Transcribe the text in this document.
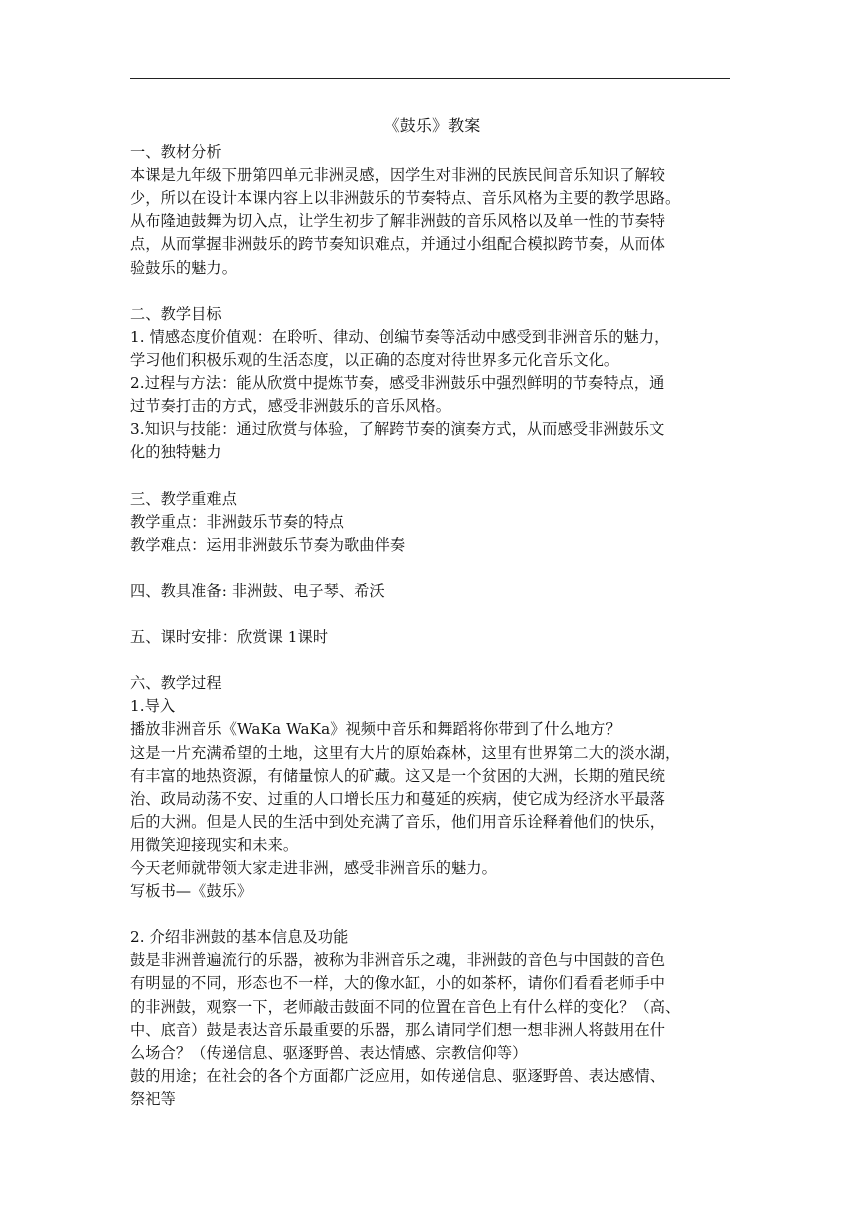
《鼓乐》教案
一、教材分析
本课是九年级下册第四单元非洲灵感，因学生对非洲的民族民间音乐知识了解较
少，所以在设计本课内容上以非洲鼓乐的节奏特点、音乐风格为主要的教学思路。
从布隆迪鼓舞为切入点，让学生初步了解非洲鼓的音乐风格以及单一性的节奏特
点，从而掌握非洲鼓乐的跨节奏知识难点，并通过小组配合模拟跨节奏，从而体
验鼓乐的魅力。
二、教学目标
1. 情感态度价值观：在聆听、律动、创编节奏等活动中感受到非洲音乐的魅力，
学习他们积极乐观的生活态度，以正确的态度对待世界多元化音乐文化。
2.过程与方法：能从欣赏中提炼节奏，感受非洲鼓乐中强烈鲜明的节奏特点，通
过节奏打击的方式，感受非洲鼓乐的音乐风格。
3.知识与技能：通过欣赏与体验，了解跨节奏的演奏方式，从而感受非洲鼓乐文
化的独特魅力
三、教学重难点
教学重点：非洲鼓乐节奏的特点
教学难点：运用非洲鼓乐节奏为歌曲伴奏
四、教具准备: 非洲鼓、电子琴、希沃
五、课时安排：欣赏课 1课时
六、教学过程
1.导入
播放非洲音乐《WaKa WaKa》视频中音乐和舞蹈将你带到了什么地方？
这是一片充满希望的土地，这里有大片的原始森林，这里有世界第二大的淡水湖，
有丰富的地热资源，有储量惊人的矿藏。这又是一个贫困的大洲，长期的殖民统
治、政局动荡不安、过重的人口增长压力和蔓延的疾病，使它成为经济水平最落
后的大洲。但是人民的生活中到处充满了音乐，他们用音乐诠释着他们的快乐，
用微笑迎接现实和未来。
今天老师就带领大家走进非洲，感受非洲音乐的魅力。
写板书—《鼓乐》
2. 介绍非洲鼓的基本信息及功能
鼓是非洲普遍流行的乐器，被称为非洲音乐之魂，非洲鼓的音色与中国鼓的音色
有明显的不同，形态也不一样，大的像水缸，小的如茶杯，请你们看看老师手中
的非洲鼓，观察一下，老师敲击鼓面不同的位置在音色上有什么样的变化？（高、
中、底音）鼓是表达音乐最重要的乐器，那么请同学们想一想非洲人将鼓用在什
么场合？（传递信息、驱逐野兽、表达情感、宗教信仰等）
鼓的用途；在社会的各个方面都广泛应用，如传递信息、驱逐野兽、表达感情、
祭祀等
